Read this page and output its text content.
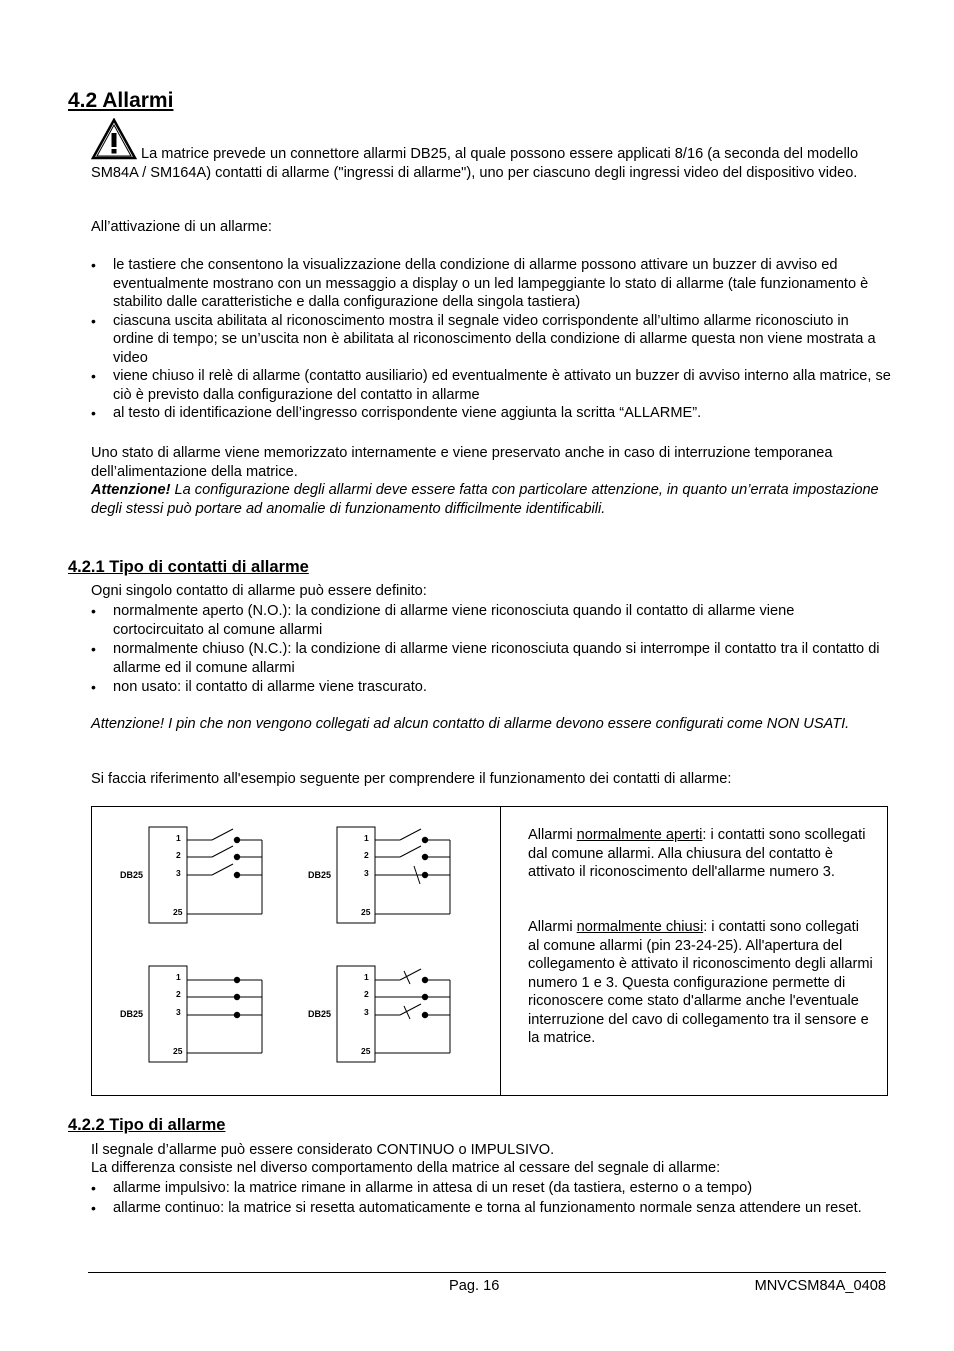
4.2 Allarmi

La matrice prevede un connettore allarmi DB25, al quale possono essere applicati 8/16 (a seconda del modello SM84A / SM164A) contatti di allarme ("ingressi di allarme"), uno per ciascuno degli ingressi video del dispositivo video.

All’attivazione di un allarme:

• le tastiere che consentono la visualizzazione della condizione di allarme possono attivare un buzzer di avviso ed eventualmente mostrano con un messaggio a display o un led lampeggiante lo stato di allarme (tale funzionamento è stabilito dalle caratteristiche e dalla configurazione della singola tastiera)
• ciascuna uscita abilitata al riconoscimento mostra il segnale video corrispondente all’ultimo allarme riconosciuto in ordine di tempo; se un’uscita non è abilitata al riconoscimento della condizione di allarme questa non viene mostrata a video
• viene chiuso il relè di allarme (contatto ausiliario) ed eventualmente è attivato un buzzer di avviso interno alla matrice, se ciò è previsto dalla configurazione del contatto in allarme
• al testo di identificazione dell’ingresso corrispondente viene aggiunta la scritta “ALLARME”.

Uno stato di allarme viene memorizzato internamente e viene preservato anche in caso di interruzione temporanea dell’alimentazione della matrice.

Attenzione! La configurazione degli allarmi deve essere fatta con particolare attenzione, in quanto un’errata impostazione degli stessi può portare ad anomalie di funzionamento difficilmente identificabili.

4.2.1 Tipo di contatti di allarme

Ogni singolo contatto di allarme può essere definito:

• normalmente aperto (N.O.): la condizione di allarme viene riconosciuta quando il contatto di allarme viene cortocircuitato al comune allarmi
• normalmente chiuso (N.C.): la condizione di allarme viene riconosciuta quando si interrompe il contatto tra il contatto di allarme ed il comune allarmi
• non usato: il contatto di allarme viene trascurato.

Attenzione! I pin che non vengono collegati ad alcun contatto di allarme devono essere configurati come NON USATI.

Si faccia riferimento all'esempio seguente per comprendere il funzionamento dei contatti di allarme:

DB25
1
2
3
25
DB25
1
2
3
25
DB25
1
2
3
25
DB25
1
2
3
25

Allarmi normalmente aperti: i contatti sono scollegati dal comune allarmi. Alla chiusura del contatto è attivato il riconoscimento dell'allarme numero 3.

Allarmi normalmente chiusi: i contatti sono collegati al comune allarmi (pin 23-24-25). All'apertura del collegamento è attivato il riconoscimento degli allarmi numero 1 e 3. Questa configurazione permette di riconoscere come stato d'allarme anche l'eventuale interruzione del cavo di collegamento tra il sensore e la matrice.

4.2.2 Tipo di allarme

Il segnale d’allarme può essere considerato CONTINUO o IMPULSIVO.

La differenza consiste nel diverso comportamento della matrice al cessare del segnale di allarme:

• allarme impulsivo: la matrice rimane in allarme in attesa di un reset (da tastiera, esterno o a tempo)
• allarme continuo: la matrice si resetta automaticamente e torna al funzionamento normale senza attendere un reset.
Pag. 16	MNVCSM84A_0408
